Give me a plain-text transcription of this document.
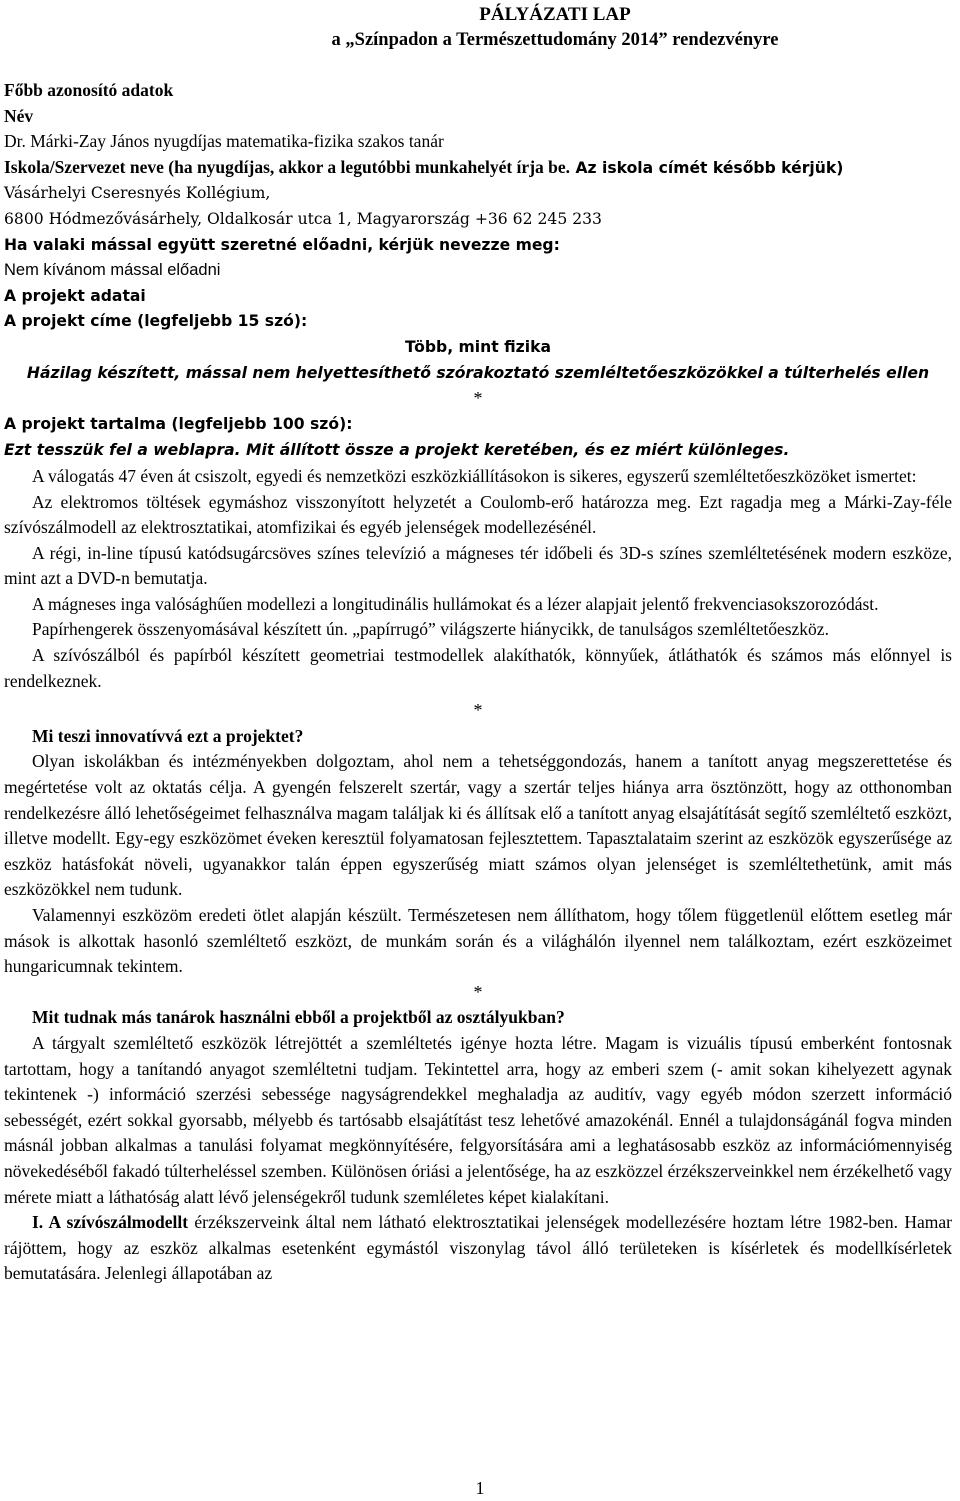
PÁLYÁZATI LAP
a „Színpadon a Természettudomány 2014” rendezvényre

Főbb azonosító adatok

Név

Dr. Márki-Zay János nyugdíjas matematika-fizika szakos tanár

Iskola/Szervezet neve (ha nyugdíjas, akkor a legutóbbi munkahelyét írja be. Az iskola címét később kérjük)

Vásárhelyi Cseresnyés Kollégium,

6800 Hódmezővásárhely, Oldalkosár utca 1, Magyarország +36 62 245 233

Ha valaki mással együtt szeretné előadni, kérjük nevezze meg:

Nem kívánom mással előadni

A projekt adatai

A projekt címe (legfeljebb 15 szó):

Több, mint fizika

Házilag készített, mással nem helyettesíthető szórakoztató szemléltetőeszközökkel a túlterhelés ellen

*

A projekt tartalma (legfeljebb 100 szó):

Ezt tesszük fel a weblapra. Mit állított össze a projekt keretében, és ez miért különleges.

A válogatás 47 éven át csiszolt, egyedi és nemzetközi eszközkiállításokon is sikeres, egyszerű szemléltetőeszközöket ismertet:

Az elektromos töltések egymáshoz visszonyított helyzetét a Coulomb-erő határozza meg. Ezt ragadja meg a Márki-Zay-féle szívószálmodell az elektrosztatikai, atomfizikai és egyéb jelenségek modellezésénél.

A régi, in-line típusú katódsugárcsöves színes televízió a mágneses tér időbeli és 3D-s színes szemléltetésének modern eszköze, mint azt a DVD-n bemutatja.

A mágneses inga valósághűen modellezi a longitudinális hullámokat és a lézer alapjait jelentő frekvenciasokszorozódást.

Papírhengerek összenyomásával készített ún. „papírrugó” világszerte hiánycikk, de tanulságos szemléltetőeszköz.

A szívószálból és papírból készített geometriai testmodellek alakíthatók, könnyűek, átláthatók és számos más előnnyel is rendelkeznek.

*

Mi teszi innovatívvá ezt a projektet?

Olyan iskolákban és intézményekben dolgoztam, ahol nem a tehetséggondozás, hanem a tanított anyag megszerettetése és megértetése volt az oktatás célja. A gyengén felszerelt szertár, vagy a szertár teljes hiánya arra ösztönzött, hogy az otthonomban rendelkezésre álló lehetőségeimet felhasználva magam találjak ki és állítsak elő a tanított anyag elsajátítását segítő szemléltető eszközt, illetve modellt. Egy-egy eszközömet éveken keresztül folyamatosan fejlesztettem. Tapasztalataim szerint az eszközök egyszerűsége az eszköz hatásfokát növeli, ugyanakkor talán éppen egyszerűség miatt számos olyan jelenséget is szemléltethetünk, amit más eszközökkel nem tudunk.

Valamennyi eszközöm eredeti ötlet alapján készült. Természetesen nem állíthatom, hogy tőlem függetlenül előttem esetleg már mások is alkottak hasonló szemléltető eszközt, de munkám során és a világhálón ilyennel nem találkoztam, ezért eszközeimet hungaricumnak tekintem.

*

Mit tudnak más tanárok használni ebből a projektből az osztályukban?

A tárgyalt szemléltető eszközök létrejöttét a szemléltetés igénye hozta létre. Magam is vizuális típusú emberként fontosnak tartottam, hogy a tanítandó anyagot szemléltetni tudjam. Tekintettel arra, hogy az emberi szem (- amit sokan kihelyezett agynak tekintenek -) információ szerzési sebessége nagyságrendekkel meghaladja az auditív, vagy egyéb módon szerzett információ sebességét, ezért sokkal gyorsabb, mélyebb és tartósabb elsajátítást tesz lehetővé amazokénál. Ennél a tulajdonságánál fogva minden másnál jobban alkalmas a tanulási folyamat megkönnyítésére, felgyorsítására ami a leghatásosabb eszköz az információmennyiség növekedéséből fakadó túlterheléssel szemben. Különösen óriási a jelentősége, ha az eszközzel érzékszerveinkkel nem érzékelhető vagy mérete miatt a láthatóság alatt lévő jelenségekről tudunk szemléletes képet kialakítani.

I. A szívószálmodellt érzékszerveink által nem látható elektrosztatikai jelenségek modellezésére hoztam létre 1982-ben. Hamar rájöttem, hogy az eszköz alkalmas esetenként egymástól viszonylag távol álló területeken is kísérletek és modellkísérletek bemutatására. Jelenlegi állapotában az

1
